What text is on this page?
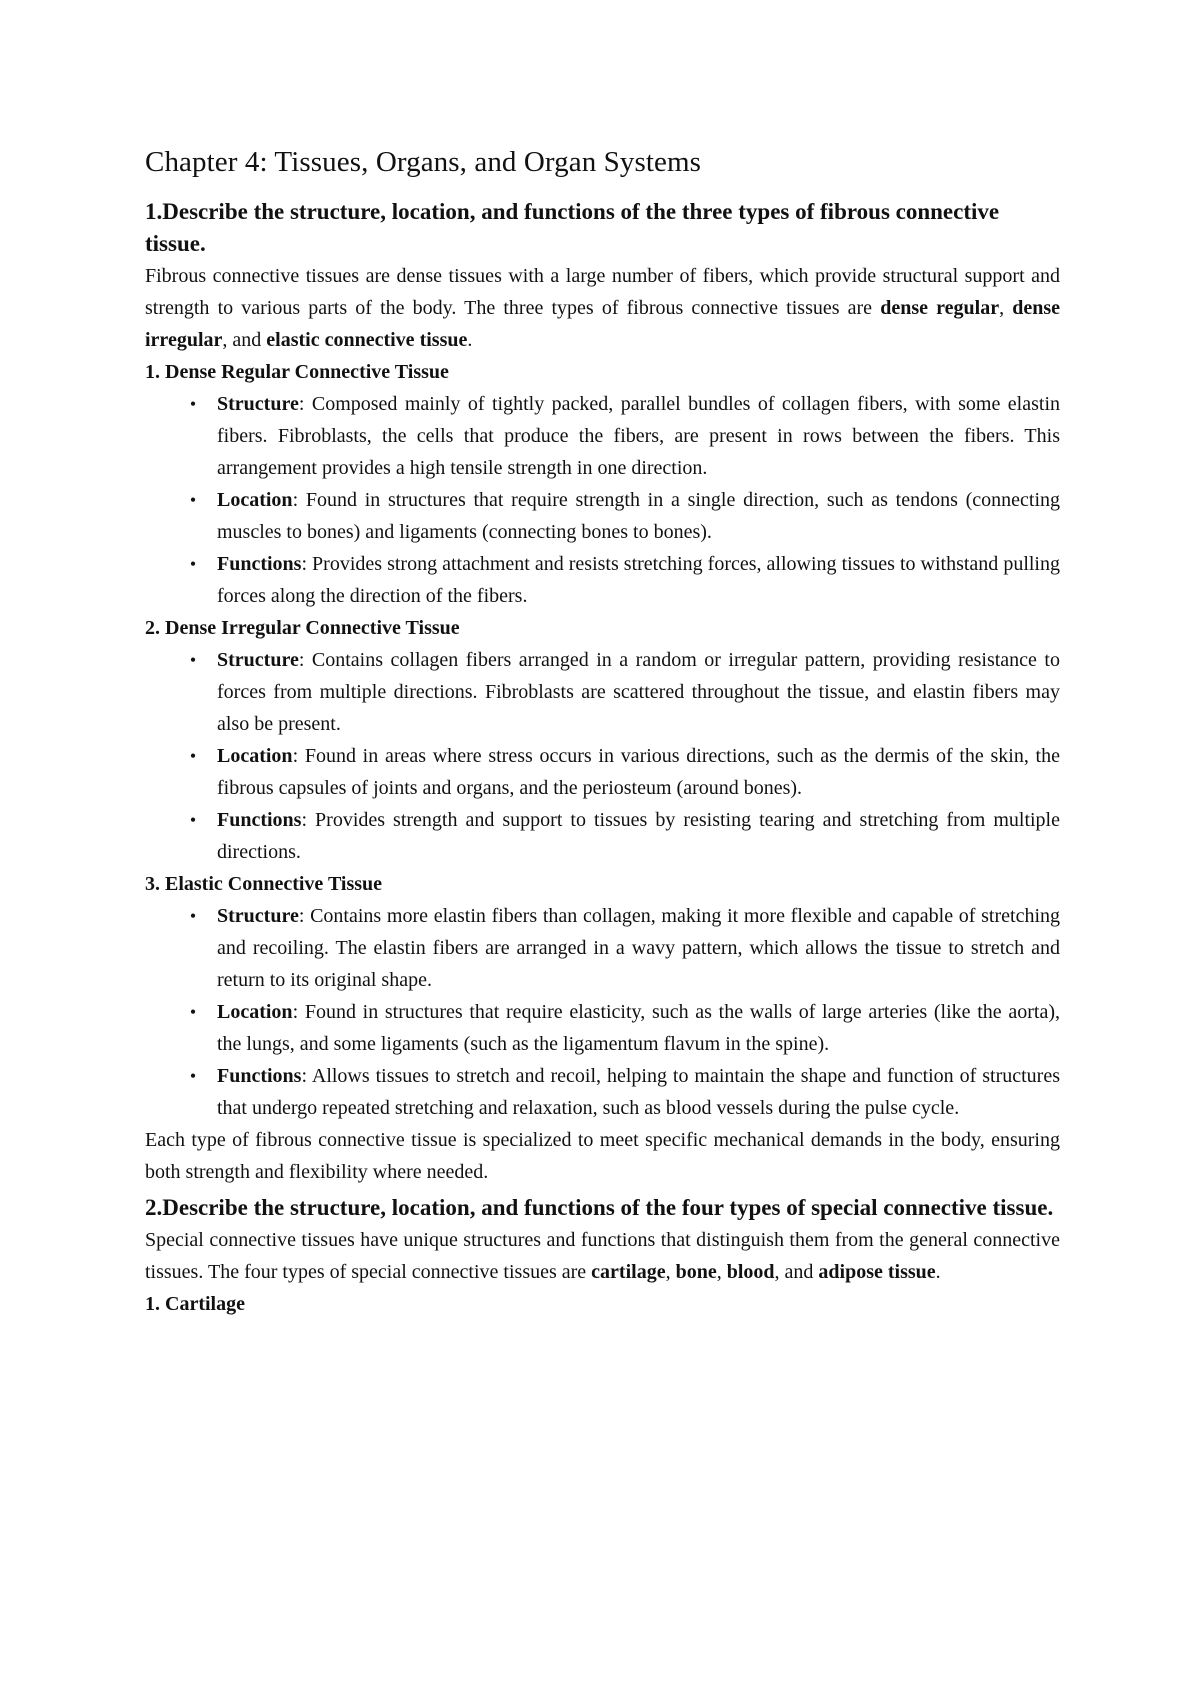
Chapter 4: Tissues, Organs, and Organ Systems
1.Describe the structure, location, and functions of the three types of fibrous connective tissue.

Fibrous connective tissues are dense tissues with a large number of fibers, which provide structural support and strength to various parts of the body. The three types of fibrous connective tissues are dense regular, dense irregular, and elastic connective tissue.

1. Dense Regular Connective Tissue
• Structure: Composed mainly of tightly packed, parallel bundles of collagen fibers, with some elastin fibers. Fibroblasts, the cells that produce the fibers, are present in rows between the fibers. This arrangement provides a high tensile strength in one direction.
• Location: Found in structures that require strength in a single direction, such as tendons (connecting muscles to bones) and ligaments (connecting bones to bones).
• Functions: Provides strong attachment and resists stretching forces, allowing tissues to withstand pulling forces along the direction of the fibers.
2. Dense Irregular Connective Tissue
• Structure: Contains collagen fibers arranged in a random or irregular pattern, providing resistance to forces from multiple directions. Fibroblasts are scattered throughout the tissue, and elastin fibers may also be present.
• Location: Found in areas where stress occurs in various directions, such as the dermis of the skin, the fibrous capsules of joints and organs, and the periosteum (around bones).
• Functions: Provides strength and support to tissues by resisting tearing and stretching from multiple directions.
3. Elastic Connective Tissue
• Structure: Contains more elastin fibers than collagen, making it more flexible and capable of stretching and recoiling. The elastin fibers are arranged in a wavy pattern, which allows the tissue to stretch and return to its original shape.
• Location: Found in structures that require elasticity, such as the walls of large arteries (like the aorta), the lungs, and some ligaments (such as the ligamentum flavum in the spine).
• Functions: Allows tissues to stretch and recoil, helping to maintain the shape and function of structures that undergo repeated stretching and relaxation, such as blood vessels during the pulse cycle.

Each type of fibrous connective tissue is specialized to meet specific mechanical demands in the body, ensuring both strength and flexibility where needed.

2.Describe the structure, location, and functions of the four types of special connective tissue.

Special connective tissues have unique structures and functions that distinguish them from the general connective tissues. The four types of special connective tissues are cartilage, bone, blood, and adipose tissue.

1. Cartilage
